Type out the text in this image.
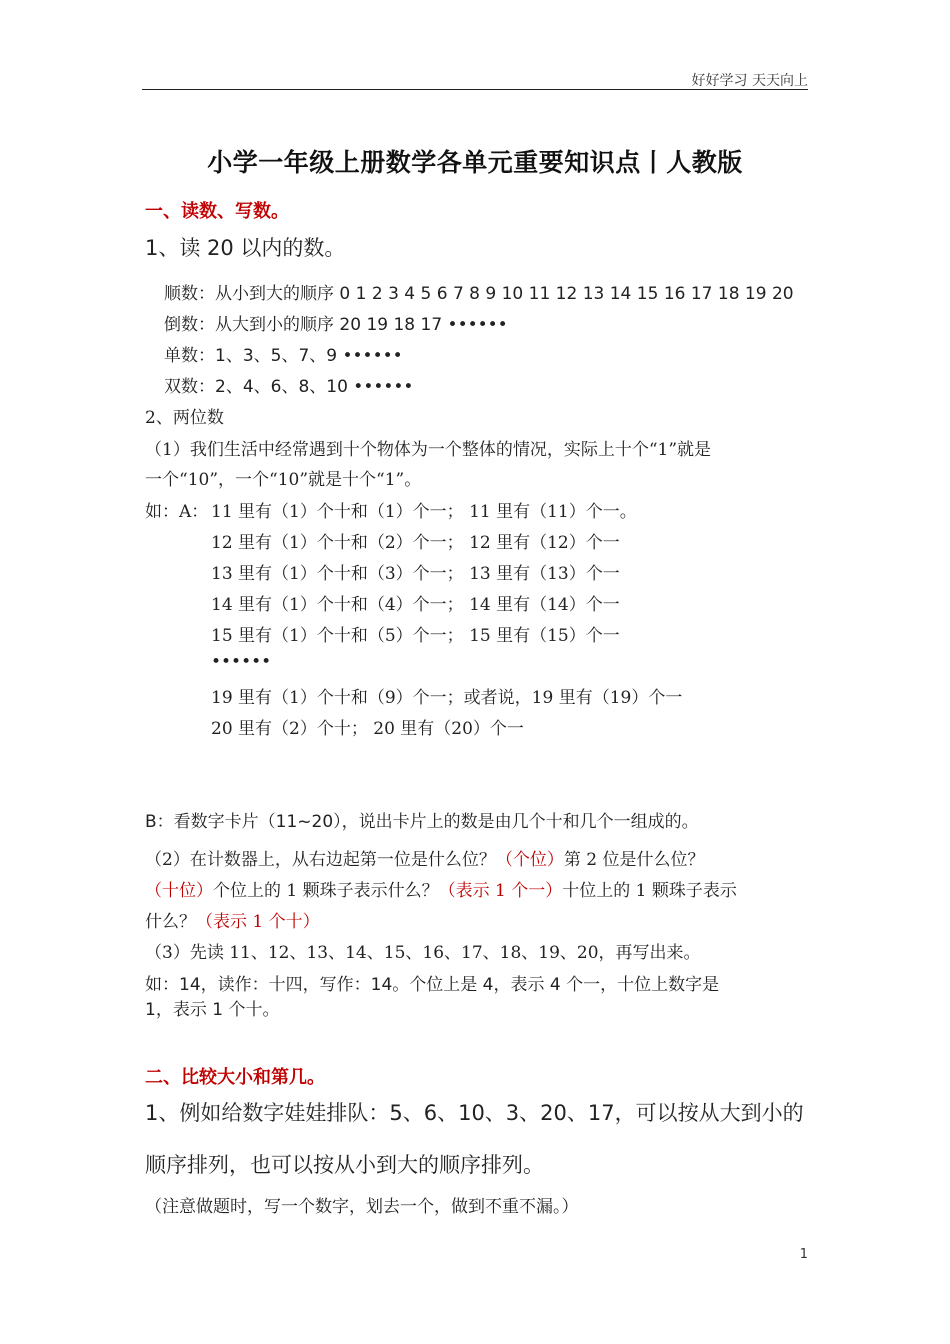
好好学习 天天向上
小学一年级上册数学各单元重要知识点丨人教版
一、读数、写数。
1、读 20 以内的数。
顺数：从小到大的顺序 0 1 2 3 4 5 6 7 8 9 10 11 12 13 14 15 16 17 18 19 20
倒数：从大到小的顺序 20 19 18 17 ••••••
单数：1、3、5、7、9 ••••••
双数：2、4、6、8、10 ••••••
2、两位数
（1）我们生活中经常遇到十个物体为一个整体的情况，实际上十个“1”就是
一个“10”，一个“10”就是十个“1”。
如：A： 11 里有（1）个十和（1）个一； 11 里有（11）个一。
12 里有（1）个十和（2）个一； 12 里有（12）个一
13 里有（1）个十和（3）个一； 13 里有（13）个一
14 里有（1）个十和（4）个一； 14 里有（14）个一
15 里有（1）个十和（5）个一； 15 里有（15）个一
••••••
19 里有（1）个十和（9）个一；或者说，19 里有（19）个一
20 里有（2）个十； 20 里有（20）个一
B：看数字卡片（11~20），说出卡片上的数是由几个十和几个一组成的。
（2）在计数器上，从右边起第一位是什么位？（个位）第 2 位是什么位？
（十位）个位上的 1 颗珠子表示什么？（表示 1 个一）十位上的 1 颗珠子表示
什么？（表示 1 个十）
（3）先读 11、12、13、14、15、16、17、18、19、20，再写出来。
如：14，读作：十四，写作：14。个位上是 4，表示 4 个一，十位上数字是
1，表示 1 个十。
二、比较大小和第几。
1、例如给数字娃娃排队：5、6、10、3、20、17，可以按从大到小的
顺序排列，也可以按从小到大的顺序排列。
（注意做题时，写一个数字，划去一个，做到不重不漏。）
1
